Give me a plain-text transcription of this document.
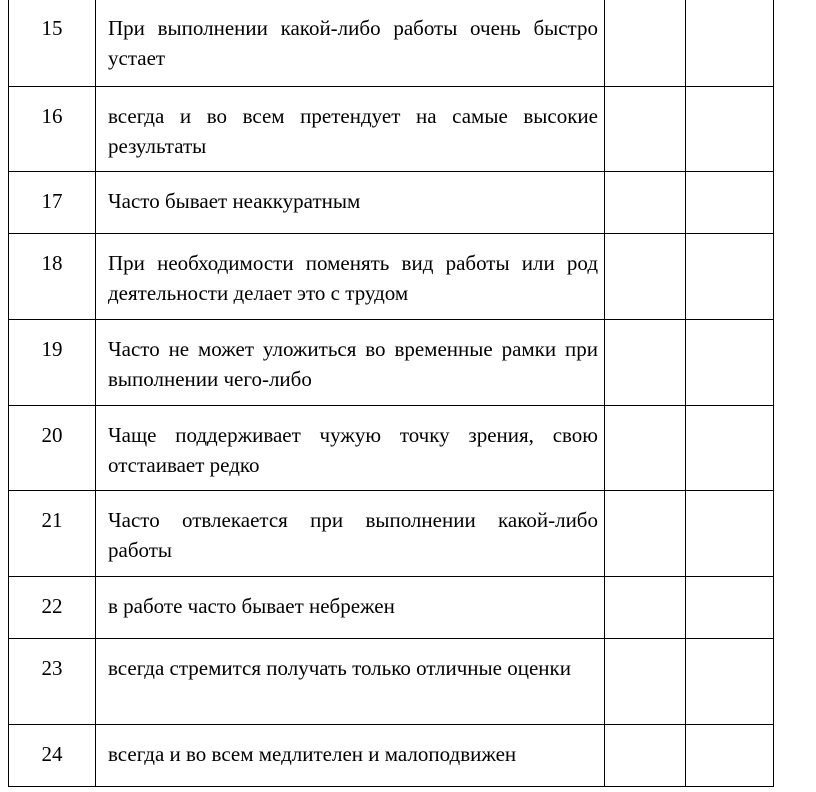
15	При выполнении какой-либо работы очень быстро устает		
16	всегда и во всем претендует на самые высокие результаты		
17	Часто бывает неаккуратным		
18	При необходимости поменять вид работы или род деятельности делает это с трудом		
19	Часто не может уложиться во временные рамки при выполнении чего-либо		
20	Чаще поддерживает чужую точку зрения, свою отстаивает редко		
21	Часто отвлекается при выполнении какой-либо работы		
22	в работе часто бывает небрежен		
23	всегда стремится получать только отличные оценки		
24	всегда и во всем медлителен и малоподвижен		
